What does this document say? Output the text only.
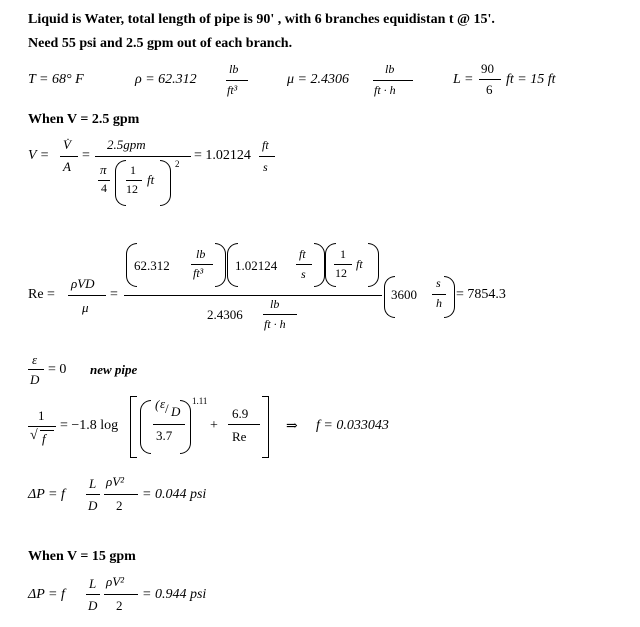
Liquid is Water, total length of pipe is 90' , with 6 branches equidistan t @ 15'.
Need 55 psi and 2.5 gpm out of each branch.
T = 68° F	ρ = 62.312
lb
ft³
μ = 2.4306
lb
ft · h
L =
90
6
ft = 15 ft
When V = 2.5 gpm
V =
V̇
A
=
2.5gpm
π
4
1
12
ft
2
= 1.02124
ft
s
Re =
ρVD
μ
=
62.312
lb
ft³ 1.02124
ft
s
1
12
ft
2.4306
lb
ft · h
3600
s
h
= 7854.3
ε
D
= 0 new pipe
1
√ f
= −1.8 log
( ε / D
3.7
1.11
+
6.9
Re
⇒ f = 0.033043
ΔP = f
L
D
ρV²
2
= 0.044 psi
When V = 15 gpm
ΔP = f
L
D
ρV²
2
= 0.944 psi
